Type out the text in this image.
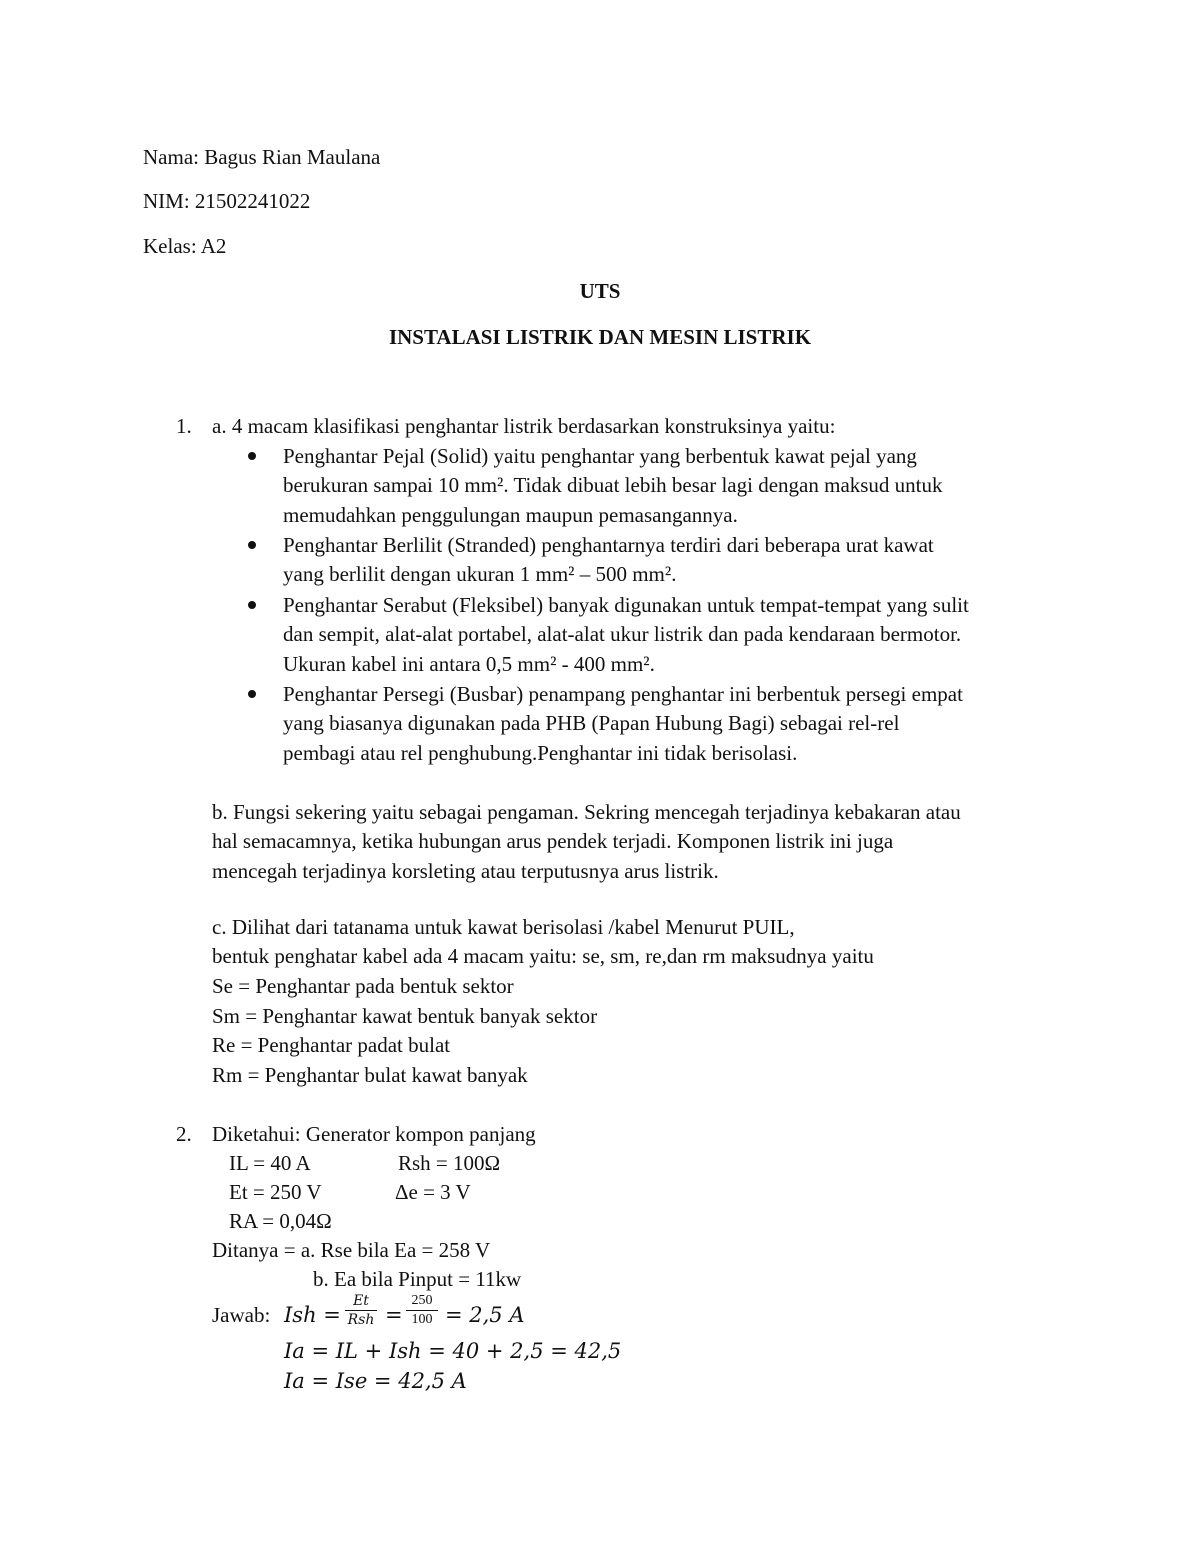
Nama: Bagus Rian Maulana
NIM: 21502241022
Kelas: A2
UTS
INSTALASI LISTRIK DAN MESIN LISTRIK
1. a. 4 macam klasifikasi penghantar listrik berdasarkan konstruksinya yaitu:
Penghantar Pejal (Solid) yaitu penghantar yang berbentuk kawat pejal yang
berukuran sampai 10 mm². Tidak dibuat lebih besar lagi dengan maksud untuk
memudahkan penggulungan maupun pemasangannya.
Penghantar Berlilit (Stranded) penghantarnya terdiri dari beberapa urat kawat
yang berlilit dengan ukuran 1 mm² – 500 mm².
Penghantar Serabut (Fleksibel) banyak digunakan untuk tempat-tempat yang sulit
dan sempit, alat-alat portabel, alat-alat ukur listrik dan pada kendaraan bermotor.
Ukuran kabel ini antara 0,5 mm² - 400 mm².
Penghantar Persegi (Busbar) penampang penghantar ini berbentuk persegi empat
yang biasanya digunakan pada PHB (Papan Hubung Bagi) sebagai rel-rel
pembagi atau rel penghubung.Penghantar ini tidak berisolasi.
b. Fungsi sekering yaitu sebagai pengaman. Sekring mencegah terjadinya kebakaran atau
hal semacamnya, ketika hubungan arus pendek terjadi. Komponen listrik ini juga
mencegah terjadinya korsleting atau terputusnya arus listrik.
c. Dilihat dari tatanama untuk kawat berisolasi /kabel Menurut PUIL,
bentuk penghatar kabel ada 4 macam yaitu: se, sm, re,dan rm maksudnya yaitu
Se = Penghantar pada bentuk sektor
Sm = Penghantar kawat bentuk banyak sektor
Re = Penghantar padat bulat
Rm = Penghantar bulat kawat banyak
2. Diketahui: Generator kompon panjang
IL = 40 A	Rsh = 100Ω
Et = 250 V	Δe = 3 V
RA = 0,04Ω
Ditanya = a. Rse bila Ea = 258 V
b. Ea bila Pinput = 11kw
Jawab: Ish =
Et
Rsh =
250
100 = 2,5 A
Ia = IL + Ish = 40 + 2,5 = 42,5
Ia = Ise = 42,5 A
